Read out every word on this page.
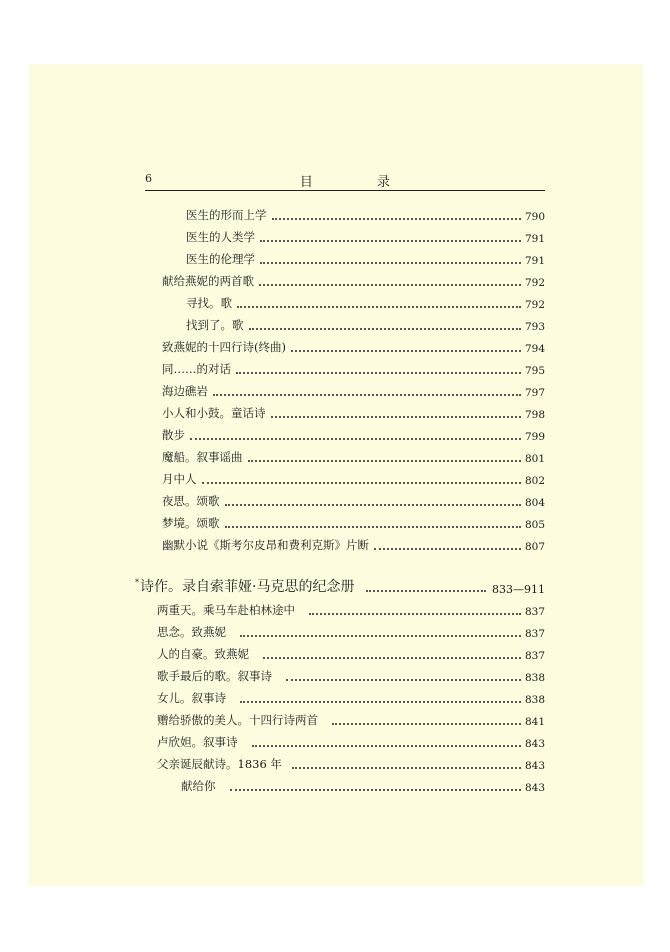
6	目 录
医生的形而上学	790
医生的人类学	791
医生的伦理学	791
献给燕妮的两首歌	792
寻找。歌	792
找到了。歌	793
致燕妮的十四行诗(终曲)	794
同……的对话	795
海边礁岩	797
小人和小鼓。童话诗	798
散步	799
魔船。叙事谣曲	801
月中人	802
夜思。颂歌	804
梦境。颂歌	805
幽默小说《斯考尔皮昂和费利克斯》片断	807
* 诗作。录自索菲娅·马克思的纪念册	833—911
两重天。乘马车赴柏林途中	837
思念。致燕妮	837
人的自豪。致燕妮	837
歌手最后的歌。叙事诗	838
女儿。叙事诗	838
赠给骄傲的美人。十四行诗两首	841
卢欣妲。叙事诗	843
父亲诞辰献诗。1836 年	843
献给你	843
